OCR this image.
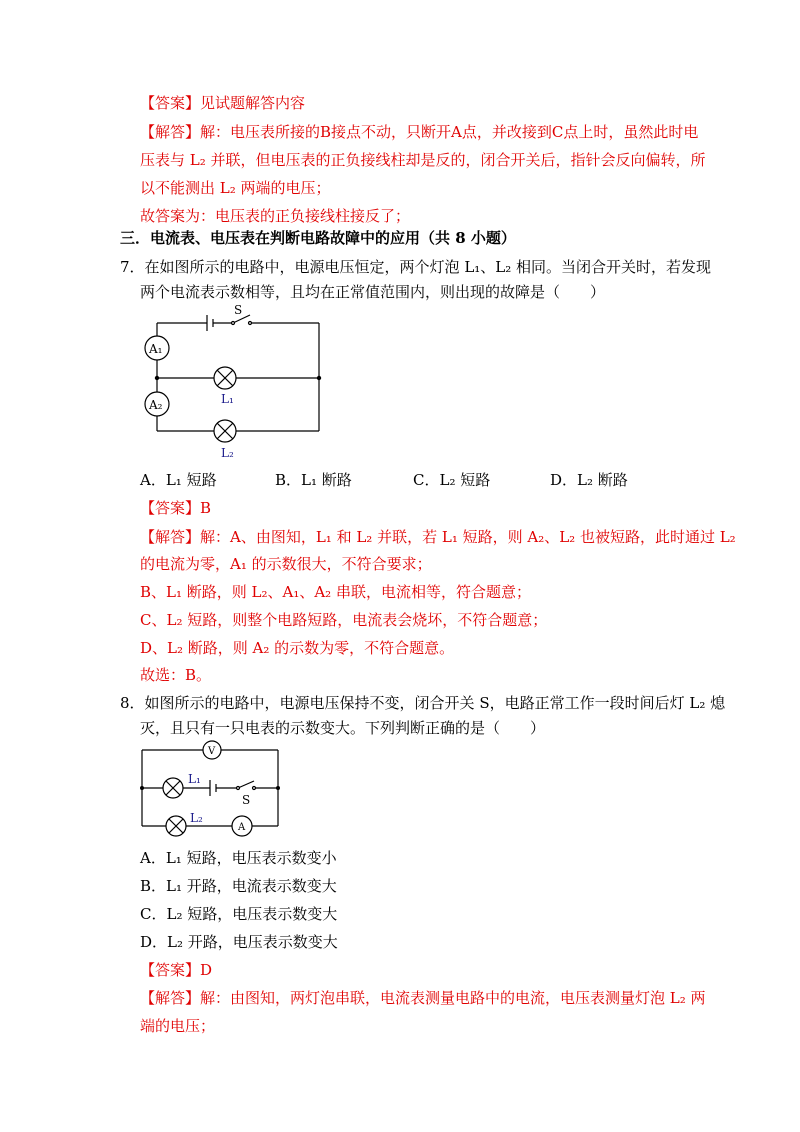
【答案】见试题解答内容
【解答】解：电压表所接的B接点不动，只断开A点，并改接到C点上时，虽然此时电
压表与 L₂ 并联，但电压表的正负接线柱却是反的，闭合开关后，指针会反向偏转，所
以不能测出 L₂ 两端的电压；
故答案为：电压表的正负接线柱接反了；
三．电流表、电压表在判断电路故障中的应用（共 8 小题）
7．在如图所示的电路中，电源电压恒定，两个灯泡 L₁、L₂ 相同。当闭合开关时，若发现
两个电流表示数相等，且均在正常值范围内，则出现的故障是（　　）
S
A₁
A₂	L₁
L₂
A．L₁ 短路	B．L₁ 断路	C．L₂ 短路	D．L₂ 断路
【答案】B
【解答】解：A、由图知，L₁ 和 L₂ 并联，若 L₁ 短路，则 A₂、L₂ 也被短路，此时通过 L₂
的电流为零，A₁ 的示数很大，不符合要求；
B、L₁ 断路，则 L₂、A₁、A₂ 串联，电流相等，符合题意；
C、L₂ 短路，则整个电路短路，电流表会烧坏，不符合题意；
D、L₂ 断路，则 A₂ 的示数为零，不符合题意。
故选：B。
8．如图所示的电路中，电源电压保持不变，闭合开关 S，电路正常工作一段时间后灯 L₂ 熄
灭，且只有一只电表的示数变大。下列判断正确的是（　　）
V
L₁
S
L₂
A
A．L₁ 短路，电压表示数变小
B．L₁ 开路，电流表示数变大
C．L₂ 短路，电压表示数变大
D．L₂ 开路，电压表示数变大
【答案】D
【解答】解：由图知，两灯泡串联，电流表测量电路中的电流，电压表测量灯泡 L₂ 两
端的电压；
